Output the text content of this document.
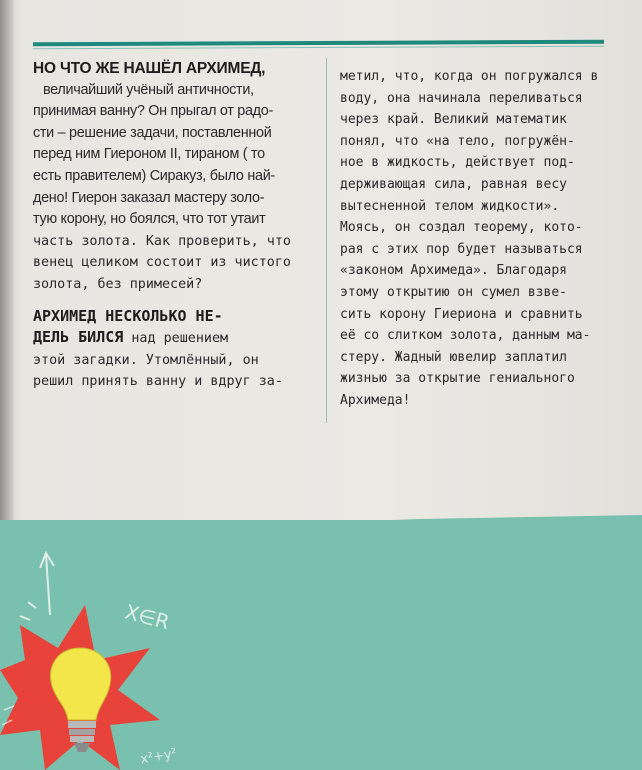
НО ЧТО ЖЕ НАШЁЛ АРХИМЕД,
величайший учёный античности,
принимая ванну? Он прыгал от радо-
сти – решение задачи, поставленной
перед ним Гиероном II, тираном ( то
есть правителем) Сиракуз, было най-
дено! Гиерон заказал мастеру золо-
тую корону, но боялся, что тот утаит
часть золота. Как проверить, что
венец целиком состоит из чистого
золота, без примесей?
АРХИМЕД НЕСКОЛЬКО НЕ-
ДЕЛЬ БИЛСЯ над решением
этой загадки. Утомлённый, он
решил принять ванну и вдруг за-
метил, что, когда он погружался в
воду, она начинала переливаться
через край. Великий математик
понял, что «на тело, погружён-
ное в жидкость, действует под-
держивающая сила, равная весу
вытесненной телом жидкости».
Моясь, он создал теорему, кото-
рая с этих пор будет называться
«законом Архимеда». Благодаря
этому открытию он сумел взве-
сить корону Гиериона и сравнить
её со слитком золота, данным ма-
стеру. Жадный ювелир заплатил
жизнью за открытие гениального
Архимеда!
X∈R
x²+y²
